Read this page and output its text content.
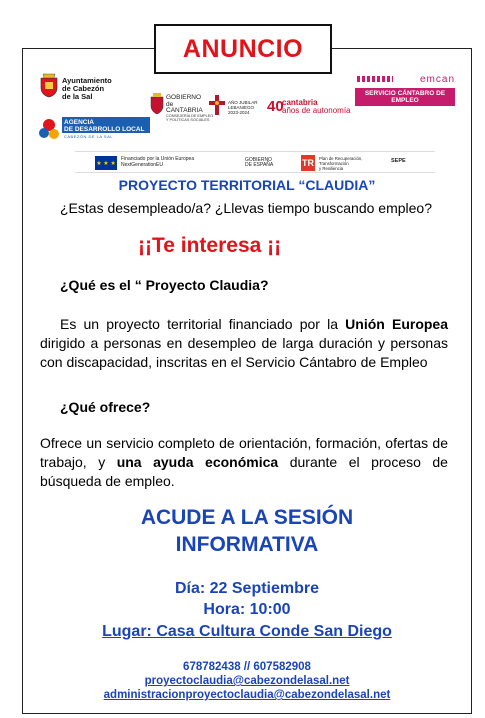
ANUNCIO
Ayuntamiento
de Cabezón
de la Sal
AGENCIA
DE DESARROLLO LOCAL
CABEZÓN DE LA SAL
GOBIERNO
de
CANTABRIA
CONSEJERÍA DE EMPLEO
Y POLÍTICAS SOCIALES
AÑO JUBILAR
LEBANIEGO
2023-2024	40
cantabria
años de autonomía
emcan
SERVICIO CÁNTABRO DE EMPLEO
★ ★ ★
Financiado por la Unión Europea
NextGenerationEU
GOBIERNO
DE ESPAÑA	TR Plan de Recuperación,
Transformación
y Resiliencia
SEPE
PROYECTO TERRITORIAL “CLAUDIA”
¿Estas desempleado/a? ¿Llevas tiempo buscando empleo?
¡¡Te interesa ¡¡
¿Qué es el “ Proyecto Claudia?
Es un proyecto territorial financiado por la Unión Europea dirigido a personas en desempleo de larga duración y personas con discapacidad, inscritas en el Servicio Cántabro de Empleo
¿Qué ofrece?
Ofrece un servicio completo de orientación, formación, ofertas de trabajo, y una ayuda económica durante el proceso de búsqueda de empleo.
ACUDE A LA SESIÓN
INFORMATIVA
Día: 22 Septiembre
Hora: 10:00
Lugar: Casa Cultura Conde San Diego
678782438 // 607582908
proyectoclaudia@cabezondelasal.net
administracionproyectoclaudia@cabezondelasal.net
